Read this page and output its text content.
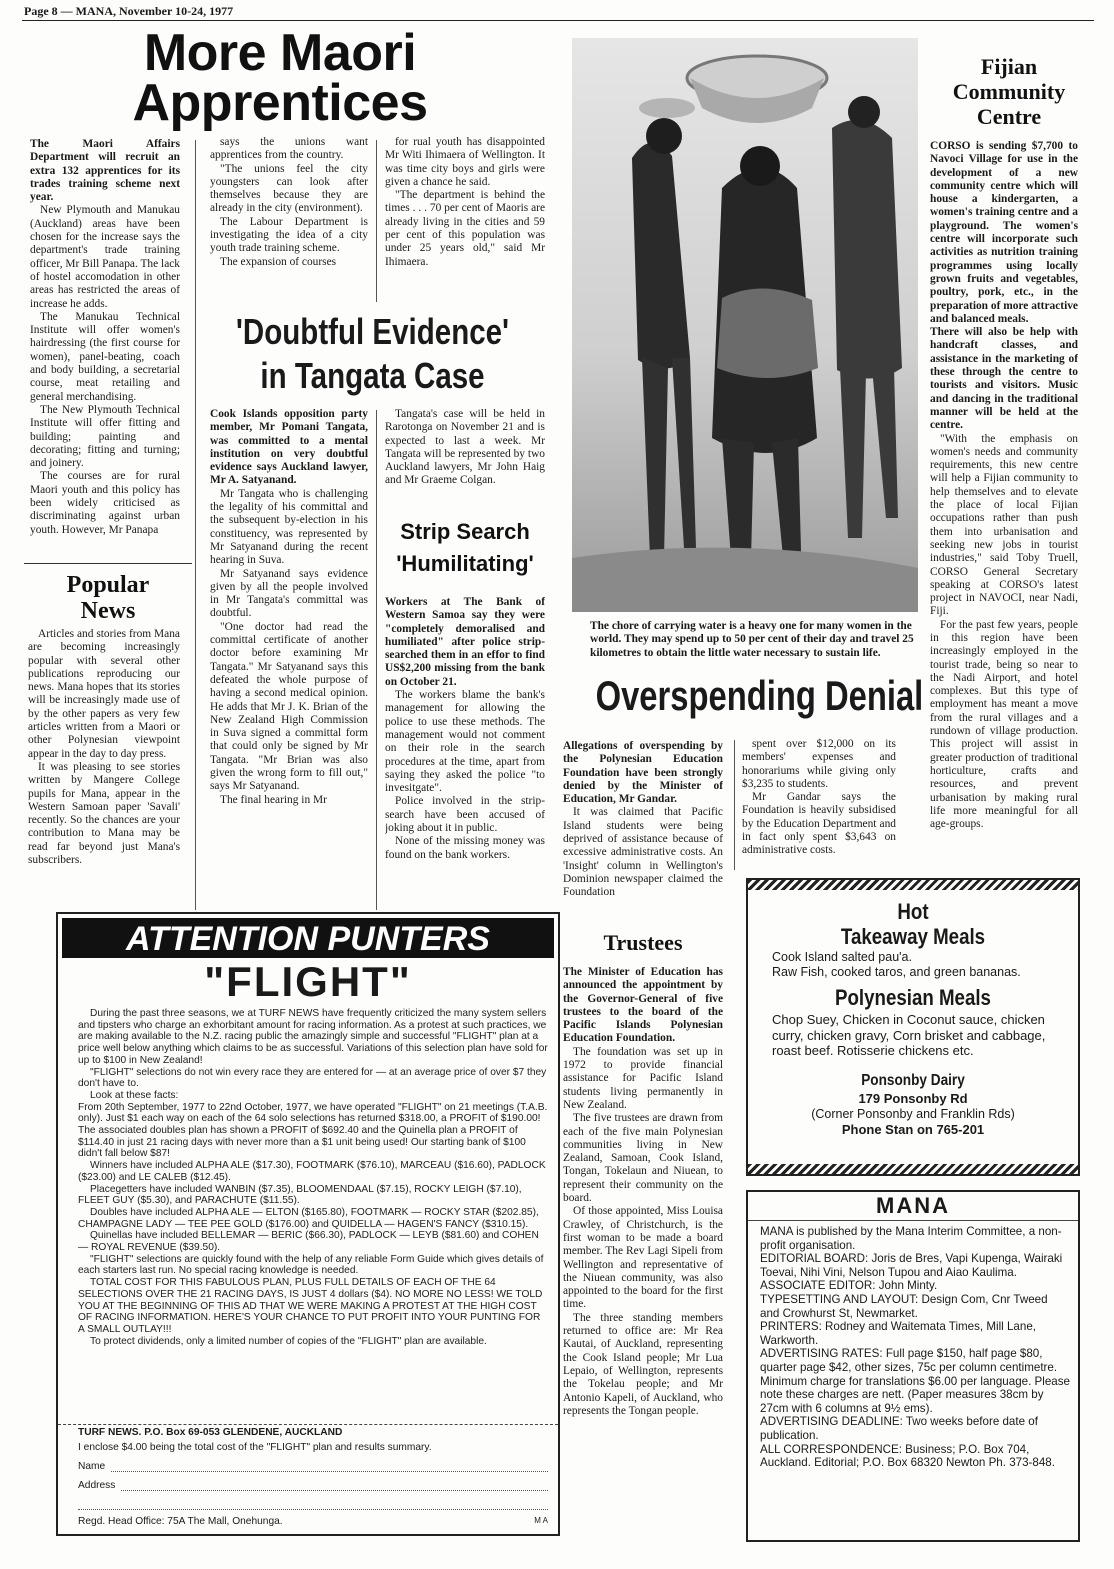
Page 8 — MANA, November 10-24, 1977
More Maori
Apprentices

The Maori Affairs Department will recruit an extra 132 apprentices for its trades training scheme next year.

New Plymouth and Manukau (Auckland) areas have been chosen for the increase says the department's trade training officer, Mr Bill Panapa. The lack of hostel accomodation in other areas has restricted the areas of increase he adds.

The Manukau Technical Institute will offer women's hairdressing (the first course for women), panel-beating, coach and body building, a secretarial course, meat retailing and general merchandising.

The New Plymouth Technical Institute will offer fitting and building; painting and decorating; fitting and turning; and joinery.

The courses are for rural Maori youth and this policy has been widely criticised as discriminating against urban youth. However, Mr Panapa

says the unions want apprentices from the country.

"The unions feel the city youngsters can look after themselves because they are already in the city (environment).

The Labour Department is investigating the idea of a city youth trade training scheme.

The expansion of courses

for rual youth has disappointed Mr Witi Ihimaera of Wellington. It was time city boys and girls were given a chance he said.

"The department is behind the times . . . 70 per cent of Maoris are already living in the cities and 59 per cent of this population was under 25 years old," said Mr Ihimaera.

Popular
News

Articles and stories from Mana are becoming increasingly popular with several other publications reproducing our news. Mana hopes that its stories will be increasingly made use of by the other papers as very few articles written from a Maori or other Polynesian viewpoint appear in the day to day press.

It was pleasing to see stories written by Mangere College pupils for Mana, appear in the Western Samoan paper 'Savali' recently. So the chances are your contribution to Mana may be read far beyond just Mana's subscribers.

'Doubtful Evidence'
in Tangata Case

Cook Islands opposition party member, Mr Pomani Tangata, was committed to a mental institution on very doubtful evidence says Auckland lawyer, Mr A. Satyanand.

Mr Tangata who is challenging the legality of his committal and the subsequent by-election in his constituency, was represented by Mr Satyanand during the recent hearing in Suva.

Mr Satyanand says evidence given by all the people involved in Mr Tangata's committal was doubtful.

"One doctor had read the committal certificate of another doctor before examining Mr Tangata." Mr Satyanand says this defeated the whole purpose of having a second medical opinion. He adds that Mr J. K. Brian of the New Zealand High Commission in Suva signed a committal form that could only be signed by Mr Tangata. "Mr Brian was also given the wrong form to fill out," says Mr Satyanand.

The final hearing in Mr

Tangata's case will be held in Rarotonga on November 21 and is expected to last a week. Mr Tangata will be represented by two Auckland lawyers, Mr John Haig and Mr Graeme Colgan.

Strip Search
'Humilitating'

Workers at The Bank of Western Samoa say they were "completely demoralised and humiliated" after police strip-searched them in an effor to find US$2,200 missing from the bank on October 21.

The workers blame the bank's management for allowing the police to use these methods. The management would not comment on their role in the search procedures at the time, apart from saying they asked the police "to invesitgate".

Police involved in the strip-search have been accused of joking about it in public.

None of the missing money was found on the bank workers.

The chore of carrying water is a heavy one for many women in the world. They may spend up to 50 per cent of their day and travel 25 kilometres to obtain the little water necessary to sustain life.
Overspending Denial

Allegations of overspending by the Polynesian Education Foundation have been strongly denied by the Minister of Education, Mr Gandar.

It was claimed that Pacific Island students were being deprived of assistance because of excessive administrative costs. An 'Insight' column in Wellington's Dominion newspaper claimed the Foundation

spent over $12,000 on its members' expenses and honorariums while giving only $3,235 to students.

Mr Gandar says the Foundation is heavily subsidised by the Education Department and in fact only spent $3,643 on administrative costs.

Trustees

The Minister of Education has announced the appointment by the Governor-General of five trustees to the board of the Pacific Islands Polynesian Education Foundation.

The foundation was set up in 1972 to provide financial assistance for Pacific Island students living permanently in New Zealand.

The five trustees are drawn from each of the five main Polynesian communities living in New Zealand, Samoan, Cook Island, Tongan, Tokelaun and Niuean, to represent their community on the board.

Of those appointed, Miss Louisa Crawley, of Christchurch, is the first woman to be made a board member. The Rev Lagi Sipeli from Wellington and representative of the Niuean community, was also appointed to the board for the first time.

The three standing members returned to office are: Mr Rea Kautai, of Auckland, representing the Cook Island people; Mr Lua Lepaio, of Wellington, represents the Tokelau people; and Mr Antonio Kapeli, of Auckland, who represents the Tongan people.

Fijian
Community
Centre

CORSO is sending $7,700 to Navoci Village for use in the development of a new community centre which will house a kindergarten, a women's training centre and a playground. The women's centre will incorporate such activities as nutrition training programmes using locally grown fruits and vegetables, poultry, pork, etc., in the preparation of more attractive and balanced meals.

There will also be help with handcraft classes, and assistance in the marketing of these through the centre to tourists and visitors. Music and dancing in the traditional manner will be held at the centre.

"With the emphasis on women's needs and community requirements, this new centre will help a Fijian community to help themselves and to elevate the place of local Fijian occupations rather than push them into urbanisation and seeking new jobs in tourist industries," said Toby Truell, CORSO General Secretary speaking at CORSO's latest project in NAVOCI, near Nadi, Fiji.

For the past few years, people in this region have been increasingly employed in the tourist trade, being so near to the Nadi Airport, and hotel complexes. But this type of employment has meant a move from the rural villages and a rundown of village production. This project will assist in greater production of traditional horticulture, crafts and resources, and prevent urbanisation by making rural life more meaningful for all age-groups.

ATTENTION PUNTERS
"FLIGHT"

During the past three seasons, we at TURF NEWS have frequently criticized the many system sellers and tipsters who charge an exhorbitant amount for racing information. As a protest at such practices, we are making available to the N.Z. racing public the amazingly simple and successful "FLIGHT" plan at a price well below anything which claims to be as successful. Variations of this selection plan have sold for up to $100 in New Zealand!

"FLIGHT" selections do not win every race they are entered for — at an average price of over $7 they don't have to.

Look at these facts:

From 20th September, 1977 to 22nd October, 1977, we have operated "FLIGHT" on 21 meetings (T.A.B. only). Just $1 each way on each of the 64 solo selections has returned $318.00, a PROFIT of $190.00! The associated doubles plan has shown a PROFIT of $692.40 and the Quinella plan a PROFIT of $114.40 in just 21 racing days with never more than a $1 unit being used! Our starting bank of $100 didn't fall below $87!

Winners have included ALPHA ALE ($17.30), FOOTMARK ($76.10), MARCEAU ($16.60), PADLOCK ($23.00) and LE CALEB ($12.45).

Placegetters have included WANBIN ($7.35), BLOOMENDAAL ($7.15), ROCKY LEIGH ($7.10), FLEET GUY ($5.30), and PARACHUTE ($11.55).

Doubles have included ALPHA ALE — ELTON ($165.80), FOOTMARK — ROCKY STAR ($202.85), CHAMPAGNE LADY — TEE PEE GOLD ($176.00) and QUIDELLA — HAGEN'S FANCY ($310.15).

Quinellas have included BELLEMAR — BERIC ($66.30), PADLOCK — LEYB ($81.60) and COHEN — ROYAL REVENUE ($39.50).

"FLIGHT" selections are quickly found with the help of any reliable Form Guide which gives details of each starters last run. No special racing knowledge is needed.

TOTAL COST FOR THIS FABULOUS PLAN, PLUS FULL DETAILS OF EACH OF THE 64 SELECTIONS OVER THE 21 RACING DAYS, IS JUST 4 dollars ($4). NO MORE NO LESS! WE TOLD YOU AT THE BEGINNING OF THIS AD THAT WE WERE MAKING A PROTEST AT THE HIGH COST OF RACING INFORMATION. HERE'S YOUR CHANCE TO PUT PROFIT INTO YOUR PUNTING FOR A SMALL OUTLAY!!!

To protect dividends, only a limited number of copies of the "FLIGHT" plan are available.

TURF NEWS. P.O. Box 69-053 GLENDENE, AUCKLAND
I enclose $4.00 being the total cost of the "FLIGHT" plan and results summary.
Name
Address
Regd. Head Office: 75A The Mall, Onehunga.	M A
Hot
Takeaway Meals
Cook Island salted pau'a.
Raw Fish, cooked taros, and green bananas.
Polynesian Meals
Chop Suey, Chicken in Coconut sauce, chicken curry, chicken gravy, Corn brisket and cabbage, roast beef. Rotisserie chickens etc.
Ponsonby Dairy
179 Ponsonby Rd
(Corner Ponsonby and Franklin Rds)
Phone Stan on 765-201
MANA

MANA is published by the Mana Interim Committee, a non-profit organisation.

EDITORIAL BOARD: Joris de Bres, Vapi Kupenga, Wairaki Toevai, Nihi Vini, Nelson Tupou and Aiao Kaulima.

ASSOCIATE EDITOR: John Minty.

TYPESETTING AND LAYOUT: Design Com, Cnr Tweed and Crowhurst St, Newmarket.

PRINTERS: Rodney and Waitemata Times, Mill Lane, Warkworth.

ADVERTISING RATES: Full page $150, half page $80, quarter page $42, other sizes, 75c per column centimetre. Minimum charge for translations $6.00 per language. Please note these charges are nett. (Paper measures 38cm by 27cm with 6 columns at 9½ ems).

ADVERTISING DEADLINE: Two weeks before date of publication.

ALL CORRESPONDENCE: Business; P.O. Box 704, Auckland. Editorial; P.O. Box 68320 Newton Ph. 373-848.
